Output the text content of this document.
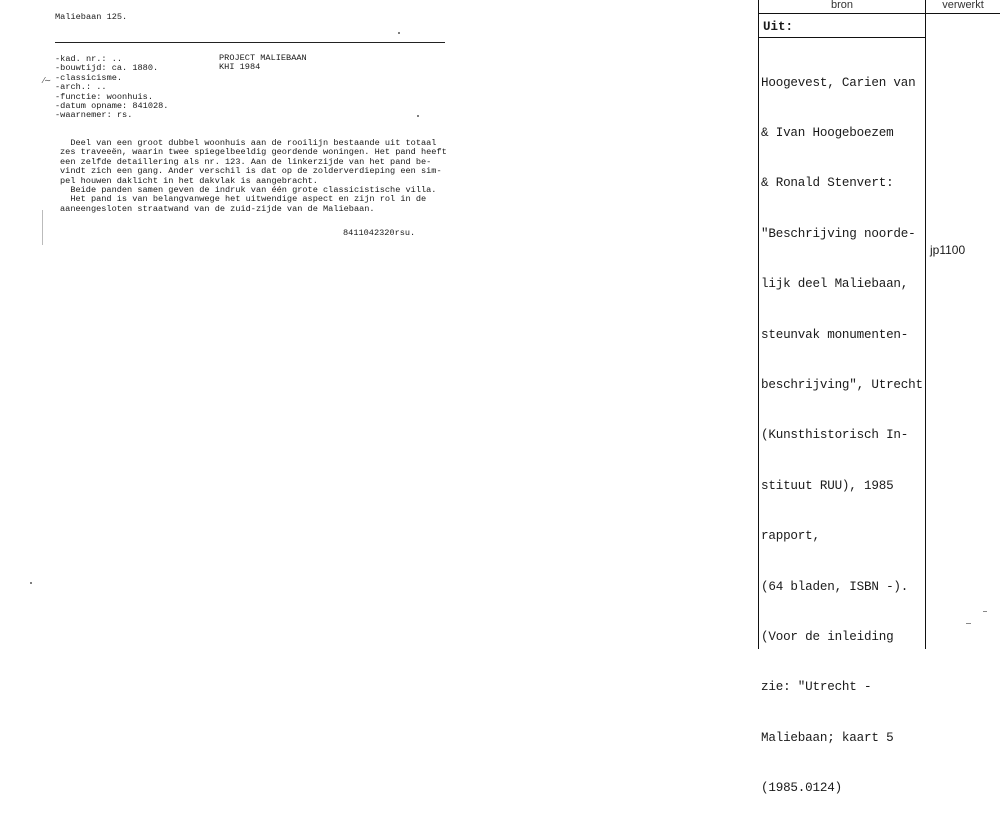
Maliebaan 125.
-kad. nr.: ..
-bouwtijd: ca. 1880.
-classicisme.
-arch.: ..
-functie: woonhuis.
-datum opname: 841028.
-waarnemer: rs.
⁄∼
PROJECT MALIEBAAN
KHI 1984
Deel van een groot dubbel woonhuis aan de rooilijn bestaande uit totaal
zes traveeën, waarin twee spiegelbeeldig geordende woningen. Het pand heeft
een zelfde detaillering als nr. 123. Aan de linkerzijde van het pand be-
vindt zich een gang. Ander verschil is dat op de zolderverdieping een sim-
pel houwen daklicht in het dakvlak is aangebracht.
Beide panden samen geven de indruk van één grote classicistische villa.
Het pand is van belangvanwege het uitwendige aspect en zijn rol in de
aaneengesloten straatwand van de zuid-zijde van de Maliebaan.
8411042320rsu.
bron	verwerkt
Uit:

Hoogevest, Carien van

& Ivan Hoogeboezem

& Ronald Stenvert:

"Beschrijving noorde-

lijk deel Maliebaan,

steunvak monumenten-

beschrijving", Utrecht

(Kunsthistorisch In-

stituut RUU), 1985

rapport,

(64 bladen, ISBN -).

(Voor de inleiding

zie: "Utrecht -

Maliebaan; kaart 5

(1985.0124)

jp1100
